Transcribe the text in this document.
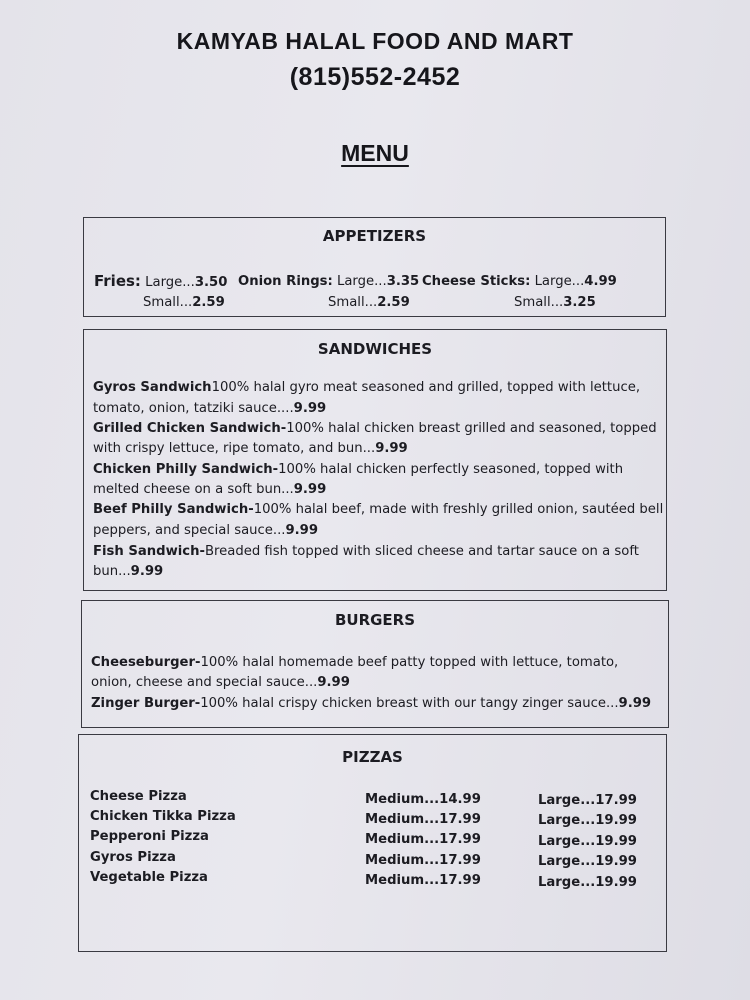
KAMYAB HALAL FOOD AND MART
(815)552-2452
MENU
APPETIZERS
Fries: Large...3.50
Small...2.59
Onion Rings: Large...3.35
Small...2.59
Cheese Sticks: Large...4.99
Small...3.25
SANDWICHES
Gyros Sandwich100% halal gyro meat seasoned and grilled, topped with lettuce,
tomato, onion, tatziki sauce....9.99
Grilled Chicken Sandwich-100% halal chicken breast grilled and seasoned, topped
with crispy lettuce, ripe tomato, and bun...9.99
Chicken Philly Sandwich-100% halal chicken perfectly seasoned, topped with
melted cheese on a soft bun...9.99
Beef Philly Sandwich-100% halal beef, made with freshly grilled onion, sautéed bell
peppers, and special sauce...9.99
Fish Sandwich-Breaded fish topped with sliced cheese and tartar sauce on a soft
bun...9.99
BURGERS
Cheeseburger-100% halal homemade beef patty topped with lettuce, tomato,
onion, cheese and special sauce...9.99
Zinger Burger-100% halal crispy chicken breast with our tangy zinger sauce...9.99
PIZZAS
Cheese Pizza	Medium...14.99	Large...17.99
Chicken Tikka Pizza	Medium...17.99	Large...19.99
Pepperoni Pizza	Medium...17.99	Large...19.99
Gyros Pizza	Medium...17.99	Large...19.99
Vegetable Pizza	Medium...17.99	Large...19.99
